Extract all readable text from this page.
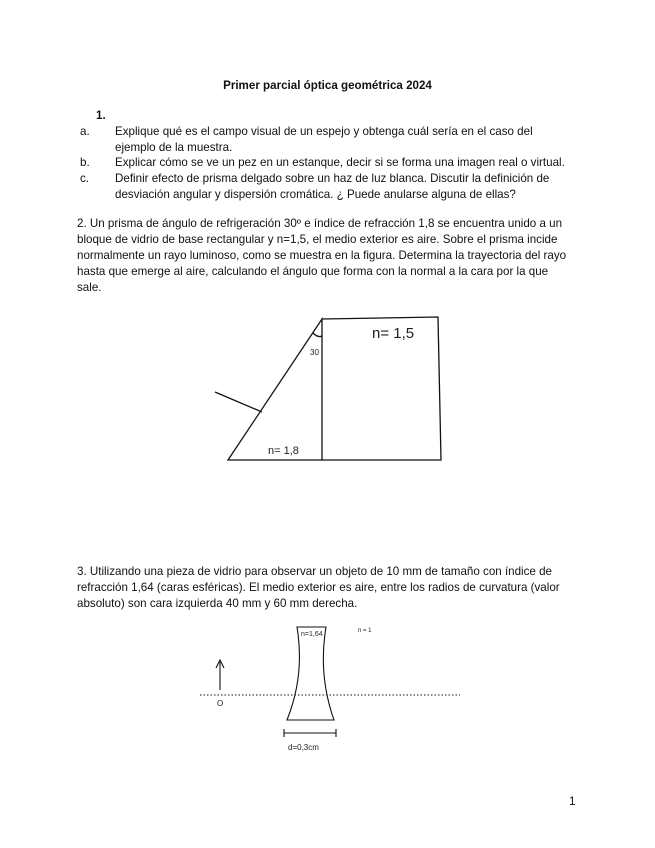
Primer parcial óptica geométrica 2024
1.
a. Explique qué es el campo visual de un espejo y obtenga cuál sería en el caso del
ejemplo de la muestra.
b. Explicar cómo se ve un pez en un estanque, decir si se forma una imagen real o virtual.
c. Definir efecto de prisma delgado sobre un haz de luz blanca. Discutir la definición de
desviación angular y dispersión cromática. ¿ Puede anularse alguna de ellas?
2. Un prisma de ángulo de refrigeración 30º e índice de refracción 1,8 se encuentra unido a un
bloque de vidrio de base rectangular y n=1,5, el medio exterior es aire. Sobre el prisma incide
normalmente un rayo luminoso, como se muestra en la figura. Determina la trayectoria del rayo
hasta que emerge al aire, calculando el ángulo que forma con la normal a la cara por la que
sale.
3. Utilizando una pieza de vidrio para observar un objeto de 10 mm de tamaño con índice de
refracción 1,64 (caras esféricas). El medio exterior es aire, entre los radios de curvatura (valor
absoluto) son cara izquierda 40 mm y 60 mm derecha.
n= 1,5
30
n= 1,8
n=1,64	n = 1
O
d=0,3cm
1
